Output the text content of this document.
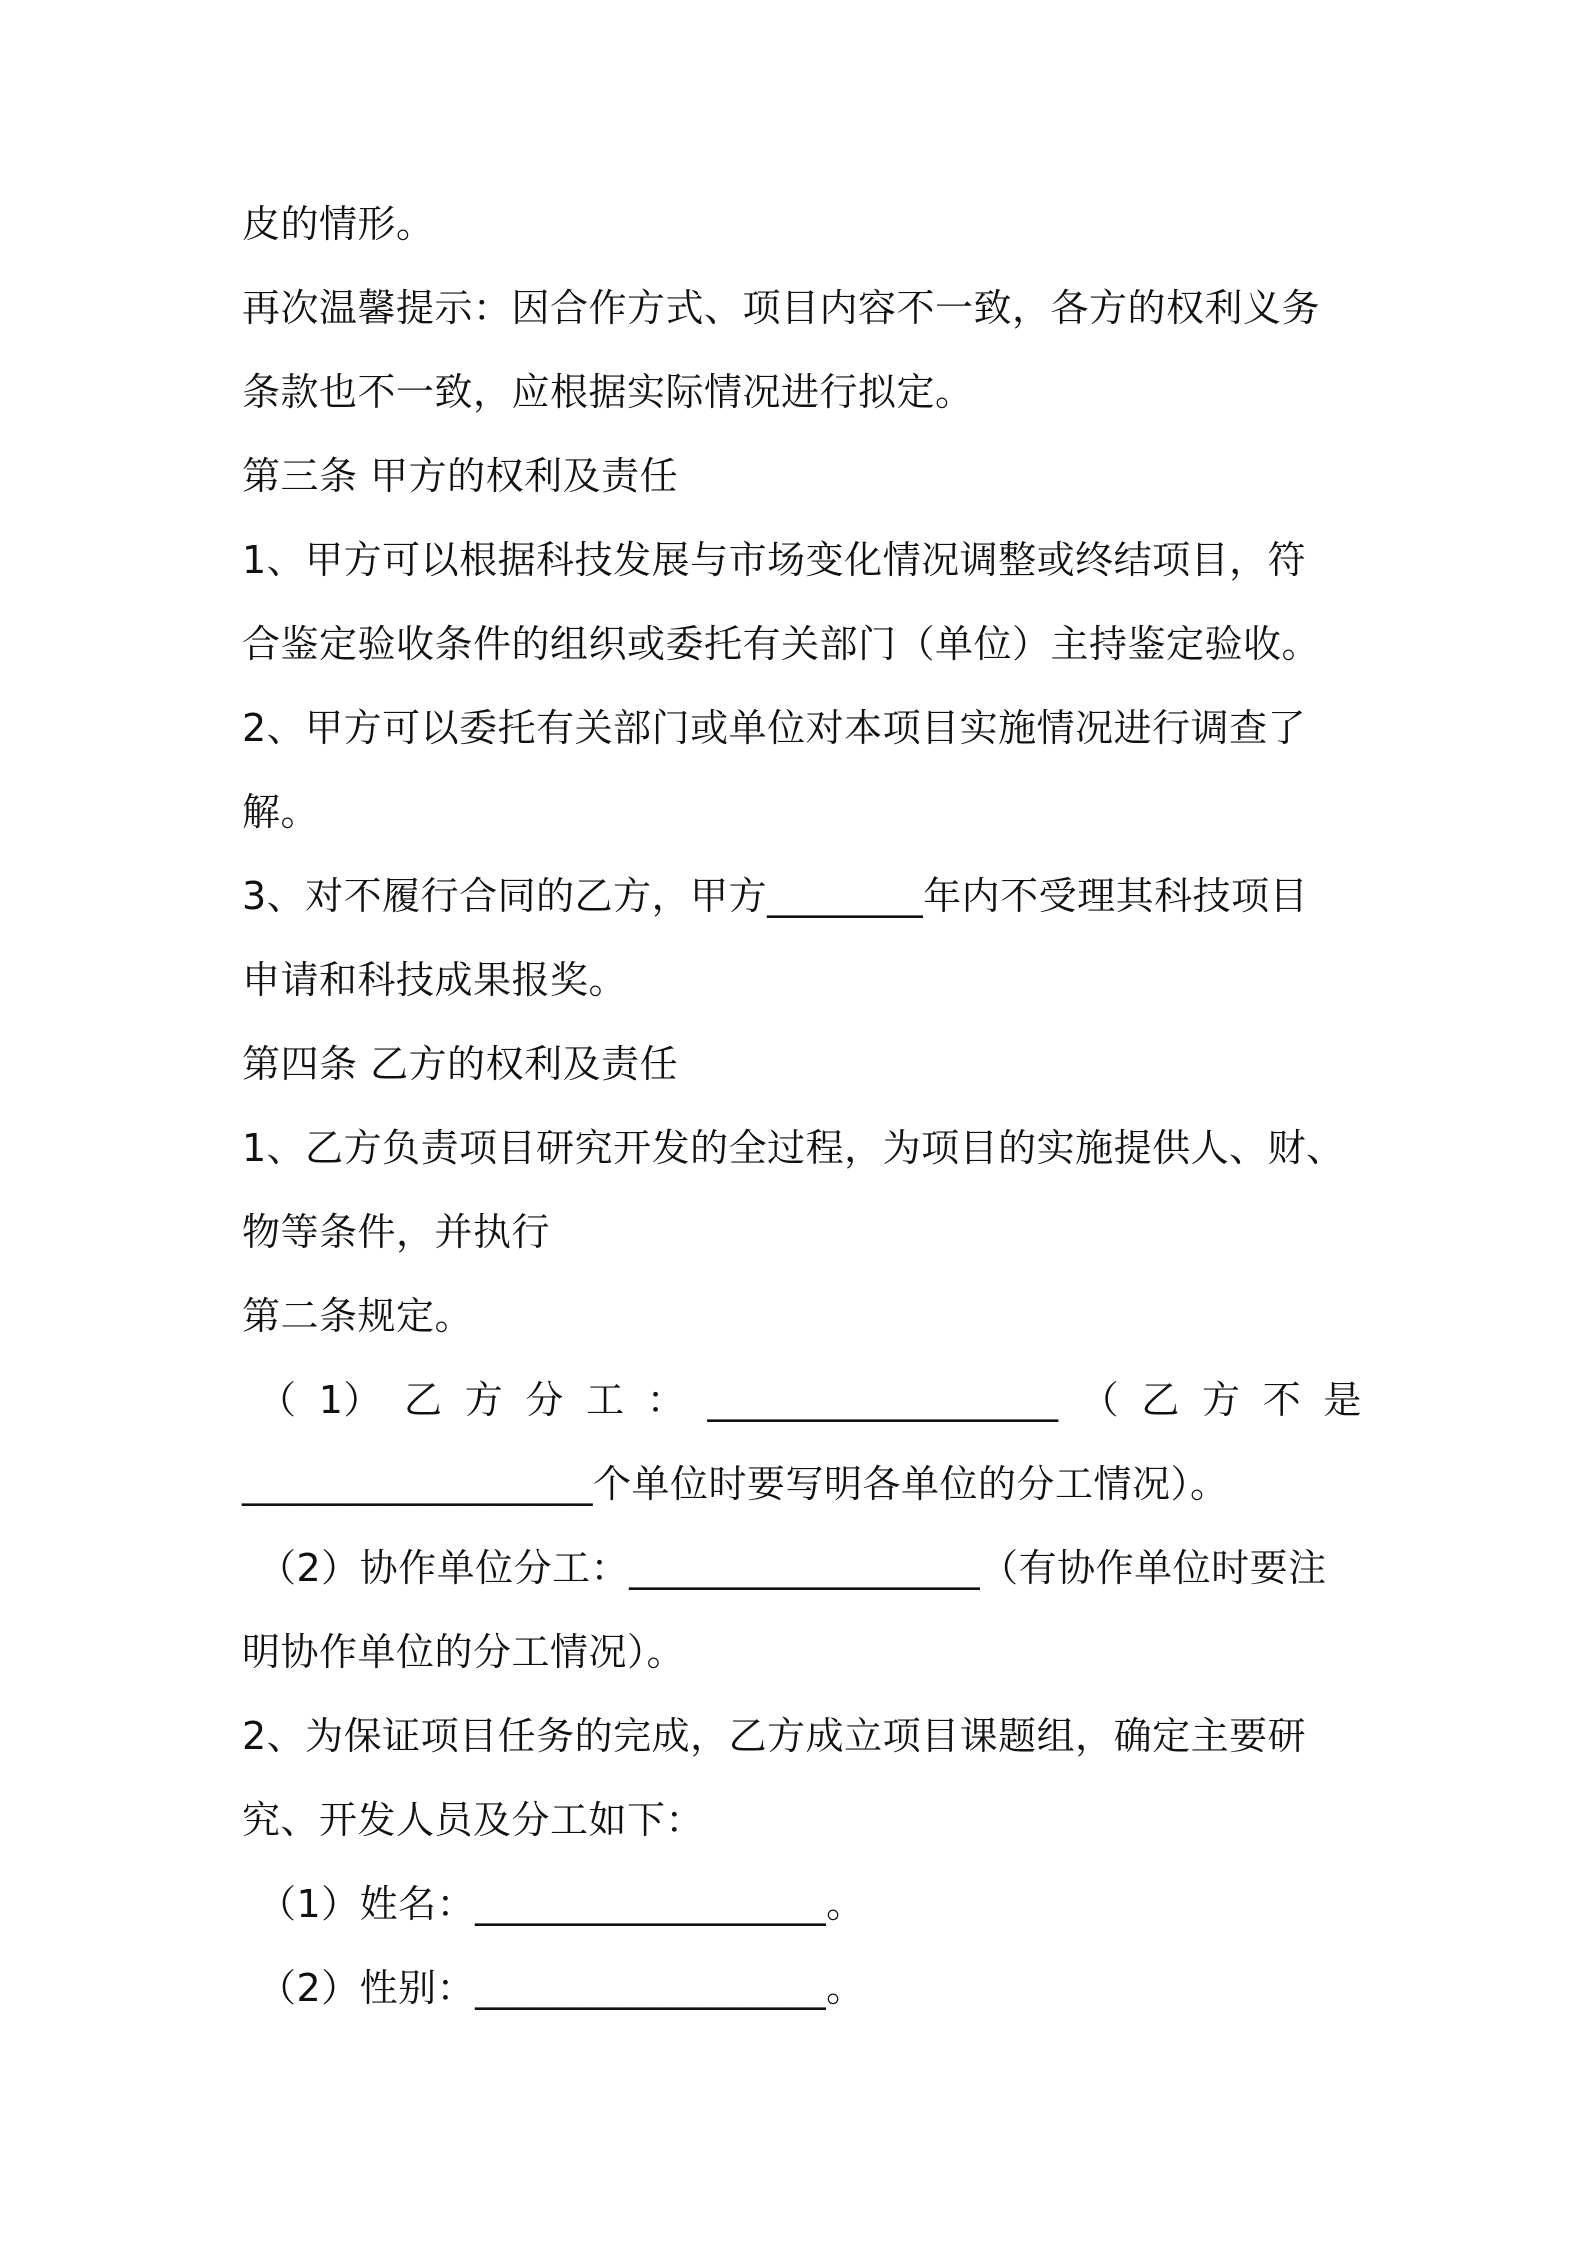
皮的情形。
再次温馨提示：因合作方式、项目内容不一致，各方的权利义务
条款也不一致，应根据实际情况进行拟定。
第三条 甲方的权利及责任
1、甲方可以根据科技发展与市场变化情况调整或终结项目，符
合鉴定验收条件的组织或委托有关部门（单位）主持鉴定验收。
2、甲方可以委托有关部门或单位对本项目实施情况进行调查了
解。
3、对不履行合同的乙方，甲方________年内不受理其科技项目
申请和科技成果报奖。
第四条 乙方的权利及责任
1、乙方负责项目研究开发的全过程，为项目的实施提供人、财、
物等条件，并执行
第二条规定。
（ 1） 乙 方 分 工 ： __________________ （ 乙 方 不 是
__________________个单位时要写明各单位的分工情况）。
（2）协作单位分工：__________________（有协作单位时要注
明协作单位的分工情况）。
2、为保证项目任务的完成，乙方成立项目课题组，确定主要研
究、开发人员及分工如下：
（1）姓名：__________________。
（2）性别：__________________。
